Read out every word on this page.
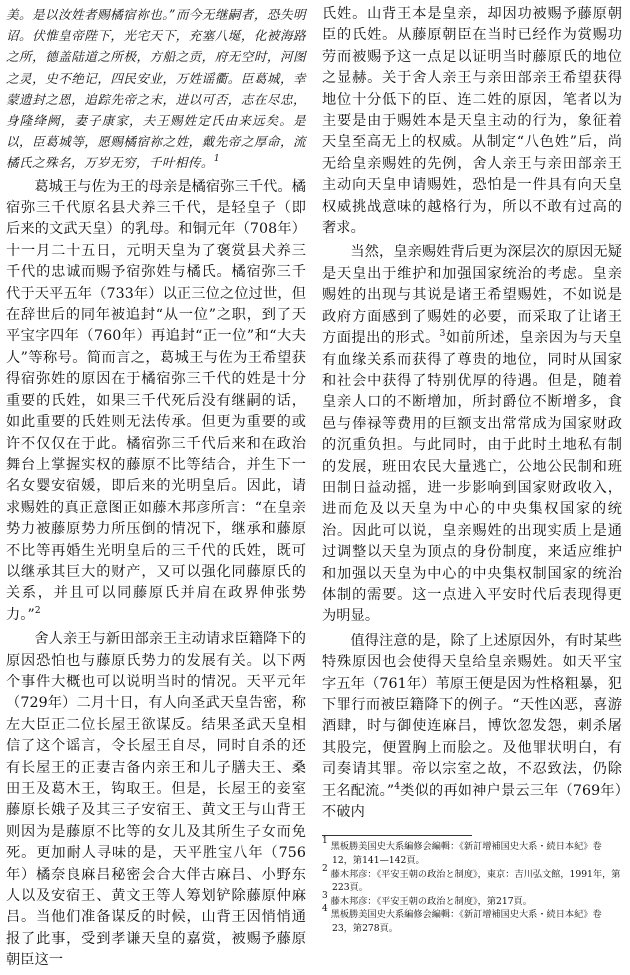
美。是以汝姓者赐橘宿祢也。”而今无继嗣者，恐失明诏。伏惟皇帝陛下，光宅天下，充塞八埏，化被海路之所，德盖陆道之所极，方船之贡，府无空时，河图之灵，史不绝记，四民安业，万姓谣衢。臣葛城，幸蒙遗封之恩，追踪先帝之末，进以可否，志在尽忠，身隆绛阙，妻子康家，夫王赐姓定氏由来远矣。是以，臣葛城等，愿赐橘宿祢之姓，戴先帝之厚命，流橘氏之殊名，万岁无穷，千叶相传。$^1$

葛城王与佐为王的母亲是橘宿弥三千代。橘宿弥三千代原名县犬养三千代，是轻皇子（即后来的文武天皇）的乳母。和铜元年（708年）十一月二十五日，元明天皇为了褒赏县犬养三千代的忠诚而赐予宿弥姓与橘氏。橘宿弥三千代于天平五年（733年）以正三位之位过世，但在辞世后的同年被追封“从一位”之职，到了天平宝字四年（760年）再追封“正一位”和“大夫人”等称号。简而言之，葛城王与佐为王希望获得宿弥姓的原因在于橘宿弥三千代的姓是十分重要的氏姓，如果三千代死后没有继嗣的话，如此重要的氏姓则无法传承。但更为重要的或许不仅仅在于此。橘宿弥三千代后来和在政治舞台上掌握实权的藤原不比等结合，并生下一名女婴安宿媛，即后来的光明皇后。因此，请求赐姓的真正意图正如藤木邦彦所言：“在皇亲势力被藤原势力所压倒的情况下，继承和藤原不比等再婚生光明皇后的三千代的氏姓，既可以继承其巨大的财产，又可以强化同藤原氏的关系，并且可以同藤原氏并肩在政界伸张势力。”$^2$

舍人亲王与新田部亲王主动请求臣籍降下的原因恐怕也与藤原氏势力的发展有关。以下两个事件大概也可以说明当时的情况。天平元年（729年）二月十日，有人向圣武天皇告密，称左大臣正二位长屋王欲谋反。结果圣武天皇相信了这个谣言，令长屋王自尽，同时自杀的还有长屋王的正妻吉备内亲王和儿子膳夫王、桑田王及葛木王，钩取王。但是，长屋王的妾室藤原长娥子及其三子安宿王、黄文王与山背王则因为是藤原不比等的女儿及其所生子女而免死。更加耐人寻味的是，天平胜宝八年（756年）橘奈良麻吕秘密会合大伴古麻吕、小野东人以及安宿王、黄文王等人筹划铲除藤原仲麻吕。当他们准备谋反的时候，山背王因悄悄通报了此事，受到孝谦天皇的嘉赏，被赐予藤原朝臣这一

氏姓。山背王本是皇亲，却因功被赐予藤原朝臣的氏姓。从藤原朝臣在当时已经作为赏赐功劳而被赐予这一点足以证明当时藤原氏的地位之显赫。关于舍人亲王与亲田部亲王希望获得地位十分低下的臣、连二姓的原因，笔者以为主要是由于赐姓本是天皇主动的行为，象征着天皇至高无上的权威。从制定“八色姓”后，尚无给皇亲赐姓的先例，舍人亲王与亲田部亲王主动向天皇申请赐姓，恐怕是一件具有向天皇权威挑战意味的越格行为，所以不敢有过高的奢求。

当然，皇亲赐姓背后更为深层次的原因无疑是天皇出于维护和加强国家统治的考虑。皇亲赐姓的出现与其说是诸王希望赐姓，不如说是政府方面感到了赐姓的必要，而采取了让诸王方面提出的形式。$^3$如前所述，皇亲因为与天皇有血缘关系而获得了尊贵的地位，同时从国家和社会中获得了特别优厚的待遇。但是，随着皇亲人口的不断增加，所封爵位不断增多，食邑与俸禄等费用的巨额支出常常成为国家财政的沉重负担。与此同时，由于此时土地私有制的发展，班田农民大量逃亡，公地公民制和班田制日益动摇，进一步影响到国家财政收入，进而危及以天皇为中心的中央集权国家的统治。因此可以说，皇亲赐姓的出现实质上是通过调整以天皇为顶点的身份制度，来适应维护和加强以天皇为中心的中央集权制国家的统治体制的需要。这一点进入平安时代后表现得更为明显。

值得注意的是，除了上述原因外，有时某些特殊原因也会使得天皇给皇亲赐姓。如天平宝字五年（761年）苇原王便是因为性格粗暴，犯下罪行而被臣籍降下的例子。“天性凶恶，喜游酒肆，时与御使连麻吕，博饮忽发怨，刺杀屠其股完，便置胸上而脍之。及他罪状明白，有司奏请其罪。帝以宗室之故，不忍致法，仍除王名配流。”$^4$类似的再如神户景云三年（769年）不破内

$^1$ 黑板勝美国史大系編修会編輯：《新訂增補国史大系・続日本紀》卷12，第141—142頁。

$^2$ 藤木邦彦：《平安王朝の政治と制度》，東京：吉川弘文館，1991年，第223頁。

$^3$ 藤木邦彦：《平安王朝の政治と制度》，第217頁。

$^4$ 黑板勝美国史大系編修会編輯：《新訂增補国史大系・続日本紀》卷23，第278頁。
